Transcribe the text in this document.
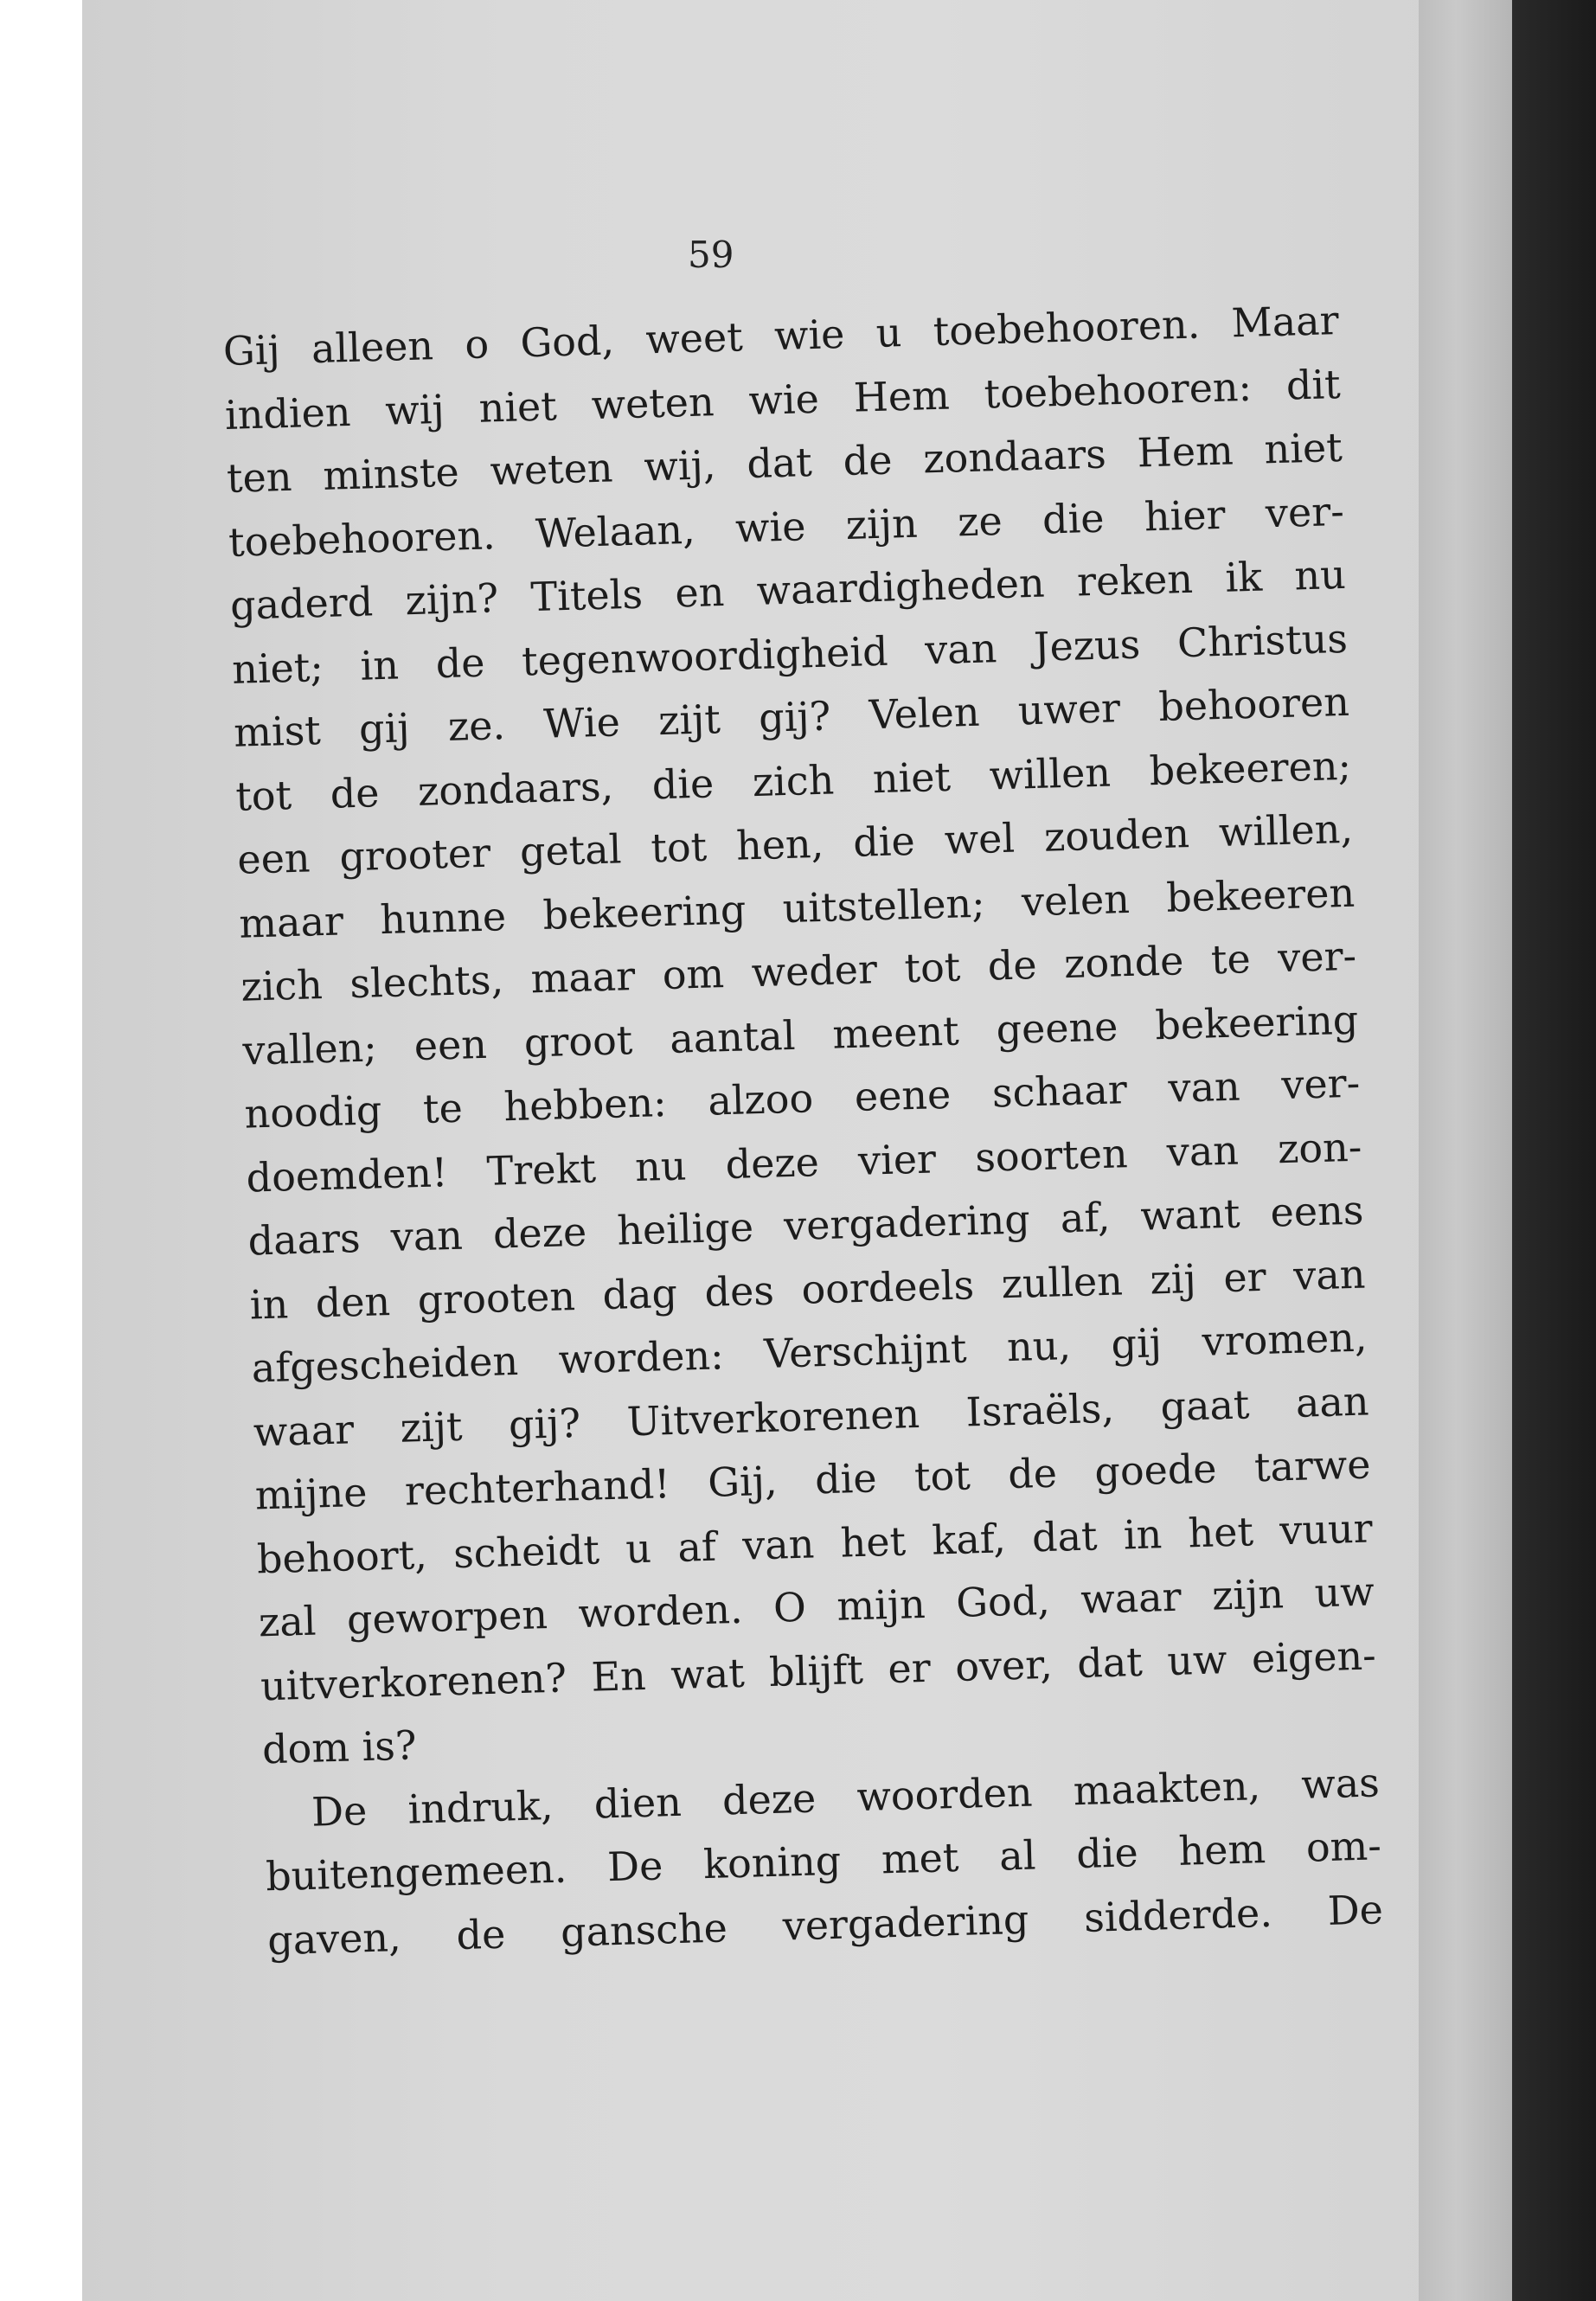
59
Gij alleen o God, weet wie u toebehooren. Maar
indien wij niet weten wie Hem toebehooren: dit
ten minste weten wij, dat de zondaars Hem niet
toebehooren. Welaan, wie zijn ze die hier ver-
gaderd zijn? Titels en waardigheden reken ik nu
niet; in de tegenwoordigheid van Jezus Christus
mist gij ze. Wie zijt gij? Velen uwer behooren
tot de zondaars, die zich niet willen bekeeren;
een grooter getal tot hen, die wel zouden willen,
maar hunne bekeering uitstellen; velen bekeeren
zich slechts, maar om weder tot de zonde te ver-
vallen; een groot aantal meent geene bekeering
noodig te hebben: alzoo eene schaar van ver-
doemden! Trekt nu deze vier soorten van zon-
daars van deze heilige vergadering af, want eens
in den grooten dag des oordeels zullen zij er van
afgescheiden worden: Verschijnt nu, gij vromen,
waar zijt gij? Uitverkorenen Israëls, gaat aan
mijne rechterhand! Gij, die tot de goede tarwe
behoort, scheidt u af van het kaf, dat in het vuur
zal geworpen worden. O mijn God, waar zijn uw
uitverkorenen? En wat blijft er over, dat uw eigen-
dom is?
De indruk, dien deze woorden maakten, was
buitengemeen. De koning met al die hem om-
gaven, de gansche vergadering sidderde. De
